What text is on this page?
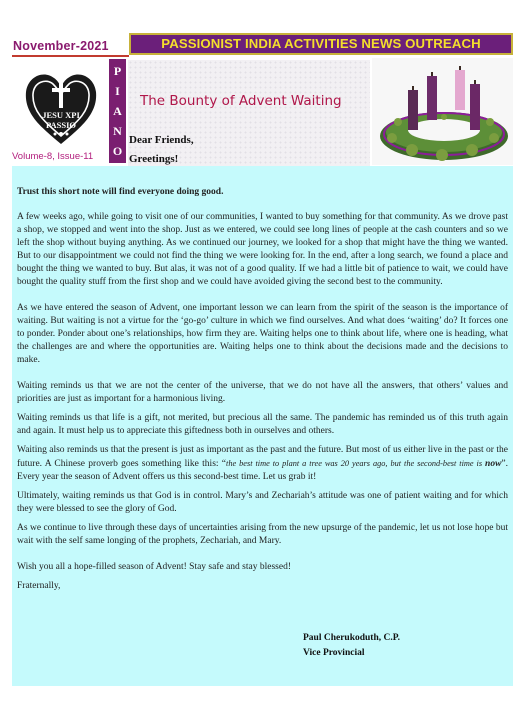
November-2021	PASSIONIST INDIA ACTIVITIES NEWS OUTREACH
JESU XPI
PASSIO
Volume-8, Issue-11
P
I
A
N
O
The Bounty of Advent Waiting
Dear Friends,
Greetings!

Trust this short note will find everyone doing good.

A few weeks ago, while going to visit one of our communities, I wanted to buy something for that community. As we drove past a shop, we stopped and went into the shop. Just as we entered, we could see long lines of people at the cash counters and so we left the shop without buying anything. As we continued our journey, we looked for a shop that might have the thing we wanted. But to our disappointment we could not find the thing we were looking for. In the end, after a long search, we found a place and bought the thing we wanted to buy. But alas, it was not of a good quality. If we had a little bit of patience to wait, we could have bought the quality stuff from the first shop and we could have avoided giving the second best to the community.

As we have entered the season of Advent, one important lesson we can learn from the spirit of the season is the importance of waiting. But waiting is not a virtue for the ‘go-go’ culture in which we find ourselves. And what does ‘waiting’ do? It forces one to ponder. Ponder about one’s relationships, how firm they are. Waiting helps one to think about life, where one is heading, what the challenges are and where the opportunities are. Waiting helps one to think about the decisions made and the decisions to make.

Waiting reminds us that we are not the center of the universe, that we do not have all the answers, that others’ values and priorities are just as important for a harmonious living.

Waiting reminds us that life is a gift, not merited, but precious all the same. The pandemic has reminded us of this truth again and again. It must help us to appreciate this giftedness both in ourselves and others.

Waiting also reminds us that the present is just as important as the past and the future. But most of us either live in the past or the future. A Chinese proverb goes something like this: “the best time to plant a tree was 20 years ago, but the second-best time is now”. Every year the season of Advent offers us this second-best time. Let us grab it!

Ultimately, waiting reminds us that God is in control. Mary’s and Zechariah’s attitude was one of patient waiting and for which they were blessed to see the glory of God.

As we continue to live through these days of uncertainties arising from the new upsurge of the pandemic, let us not lose hope but wait with the self same longing of the prophets, Zechariah, and Mary.

Wish you all a hope-filled season of Advent! Stay safe and stay blessed!

Fraternally,

Paul Cherukoduth, C.P.
Vice Provincial
